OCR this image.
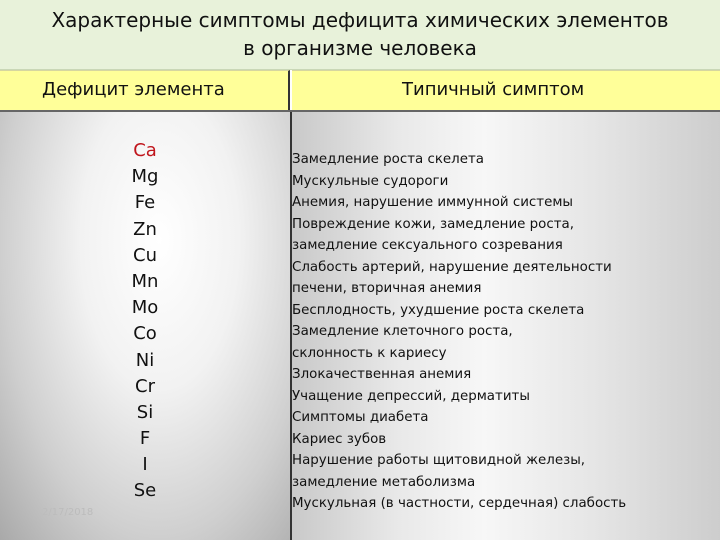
Характерные симптомы дефицита химических элементов
в организме человека
Дефицит элемента	Типичный симптом
Ca
Mg
Fe
Zn
Cu
Mn
Mo
Co
Ni
Cr
Si
F
I
Se
2/17/2018
Замедление роста скелета
Мускульные судороги
Анемия, нарушение иммунной системы
Повреждение кожи, замедление роста,
замедление сексуального созревания
Слабость артерий, нарушение деятельности
печени, вторичная анемия
Бесплодность, ухудшение роста скелета
Замедление клеточного роста,
склонность к кариесу
Злокачественная анемия
Учащение депрессий, дерматиты
Симптомы диабета
Кариес зубов
Нарушение работы щитовидной железы,
замедление метаболизма
Мускульная (в частности, сердечная) слабость
